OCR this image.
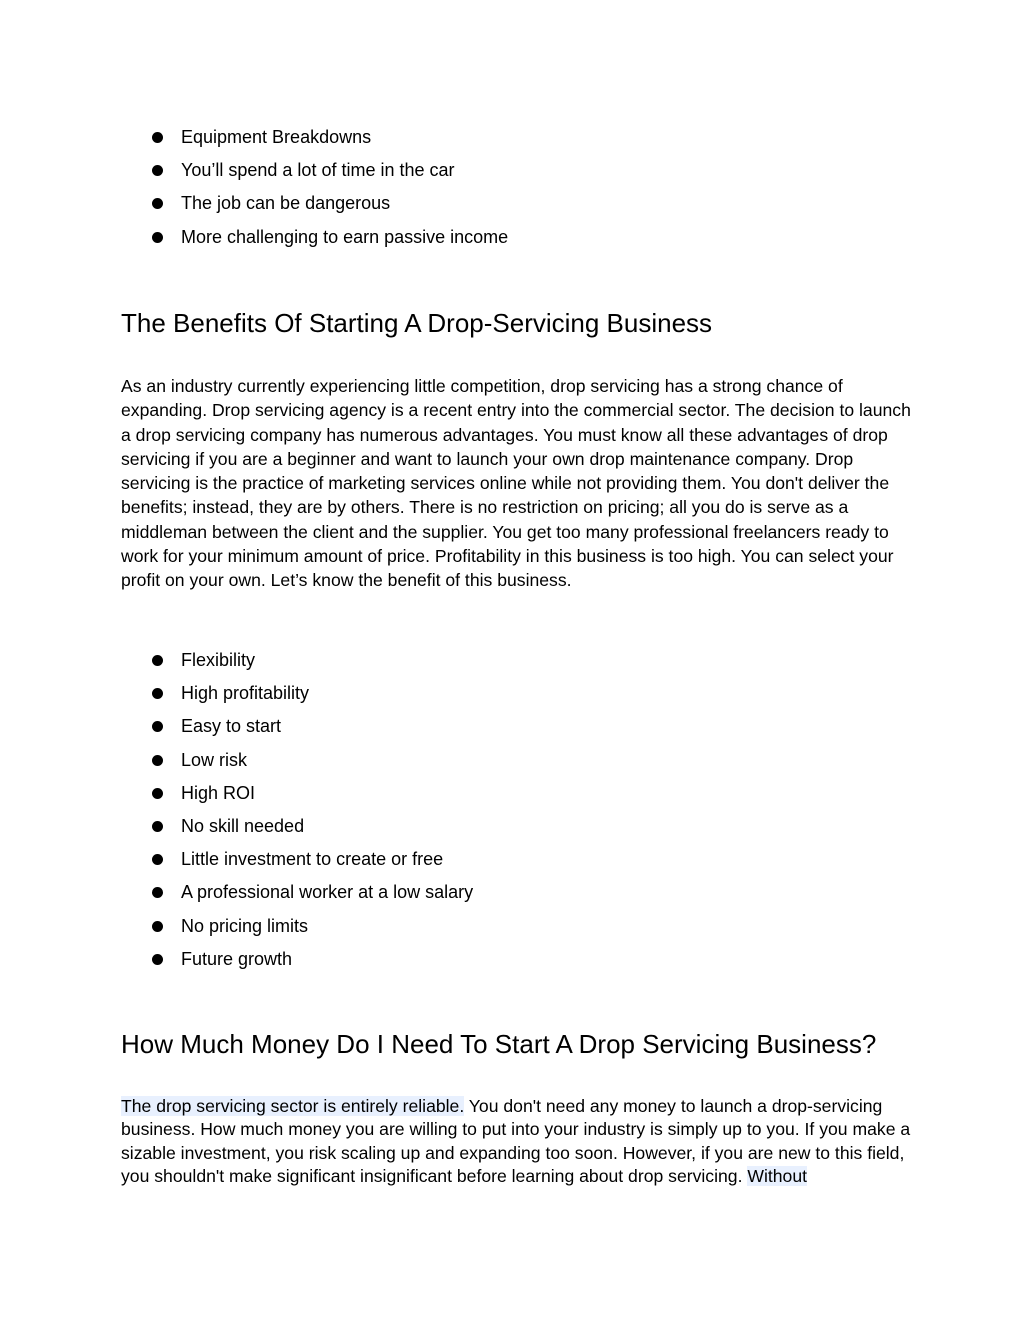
Equipment Breakdowns
You’ll spend a lot of time in the car
The job can be dangerous
More challenging to earn passive income
The Benefits Of Starting A Drop-Servicing Business

As an industry currently experiencing little competition, drop servicing has a strong chance of expanding. Drop servicing agency is a recent entry into the commercial sector. The decision to launch a drop servicing company has numerous advantages. You must know all these advantages of drop servicing if you are a beginner and want to launch your own drop maintenance company. Drop servicing is the practice of marketing services online while not providing them. You don't deliver the benefits; instead, they are by others. There is no restriction on pricing; all you do is serve as a middleman between the client and the supplier. You get too many professional freelancers ready to work for your minimum amount of price. Profitability in this business is too high. You can select your profit on your own. Let’s know the benefit of this business.

Flexibility
High profitability
Easy to start
Low risk
High ROI
No skill needed
Little investment to create or free
A professional worker at a low salary
No pricing limits
Future growth
How Much Money Do I Need To Start A Drop Servicing Business?

The drop servicing sector is entirely reliable. You don't need any money to launch a drop-servicing business. How much money you are willing to put into your industry is simply up to you. If you make a sizable investment, you risk scaling up and expanding too soon. However, if you are new to this field, you shouldn't make significant insignificant before learning about drop servicing. Without
